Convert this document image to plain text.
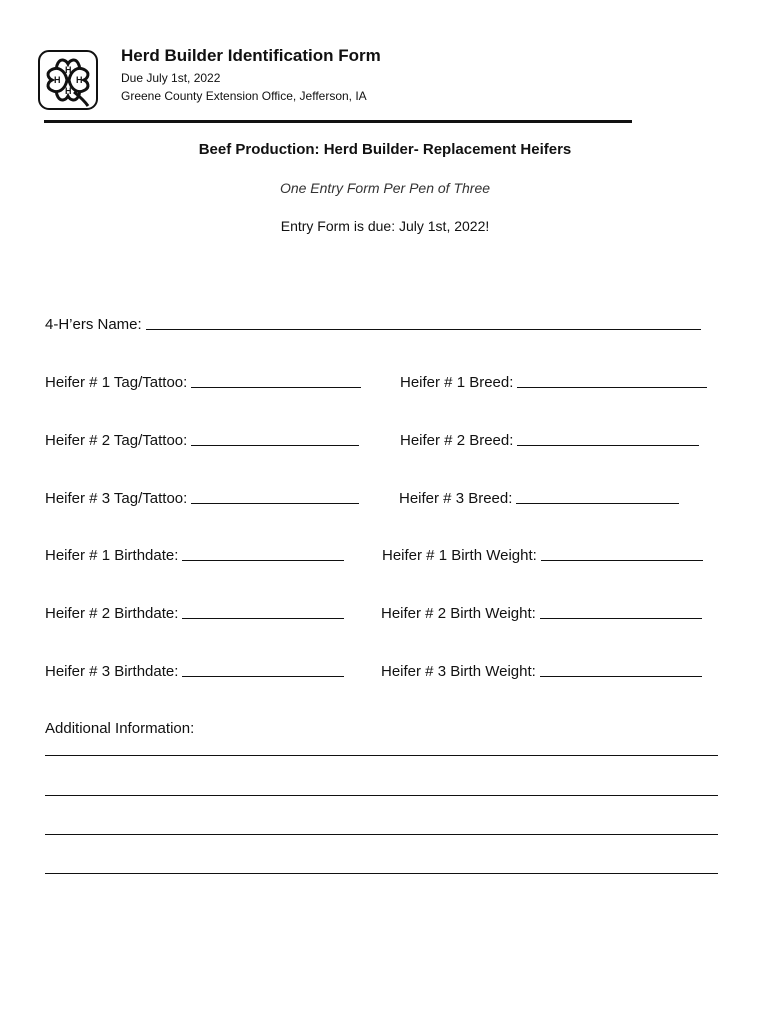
H
H
H H
Herd Builder Identification Form
Due July 1st, 2022
Greene County Extension Office, Jefferson, IA
Beef Production: Herd Builder- Replacement Heifers
One Entry Form Per Pen of Three
Entry Form is due: July 1st, 2022!
4-H’ers Name:
Heifer # 1 Tag/Tattoo:	Heifer # 1 Breed:
Heifer # 2 Tag/Tattoo:	Heifer # 2 Breed:
Heifer # 3 Tag/Tattoo:	Heifer # 3 Breed:
Heifer # 1 Birthdate:	Heifer # 1 Birth Weight:
Heifer # 2 Birthdate:	Heifer # 2 Birth Weight:
Heifer # 3 Birthdate:	Heifer # 3 Birth Weight:
Additional Information:
